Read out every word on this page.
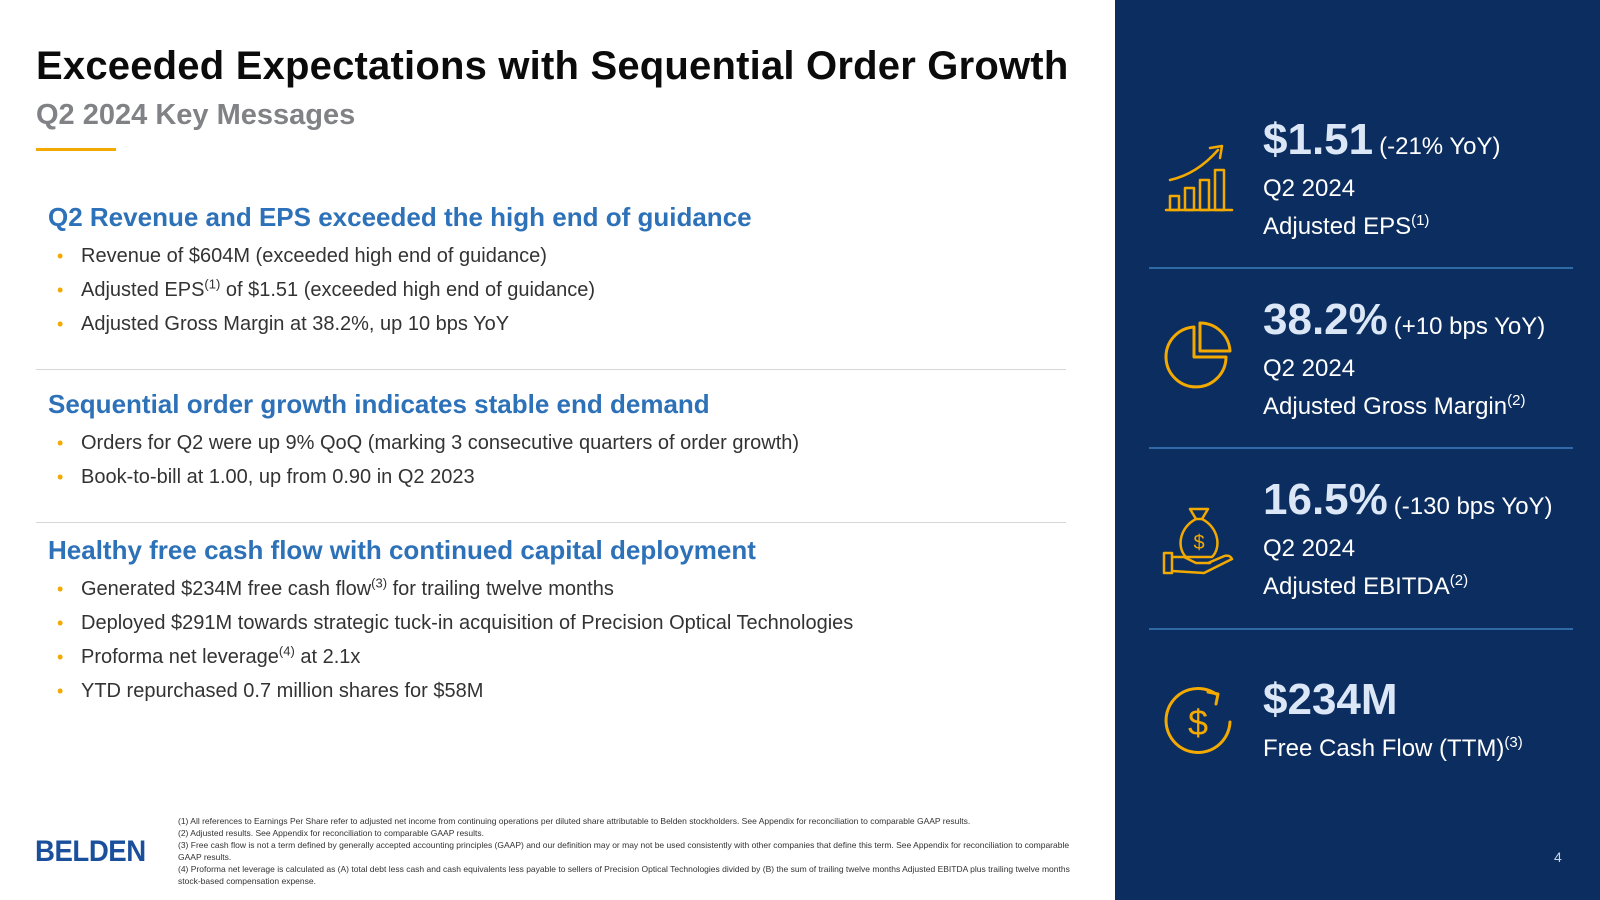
Exceeded Expectations with Sequential Order Growth
Q2 2024 Key Messages
Q2 Revenue and EPS exceeded the high end of guidance
• Revenue of $604M (exceeded high end of guidance)
• Adjusted EPS$^{(1)}$ of $1.51 (exceeded high end of guidance)
• Adjusted Gross Margin at 38.2%, up 10 bps YoY
Sequential order growth indicates stable end demand
• Orders for Q2 were up 9% QoQ (marking 3 consecutive quarters of order growth)
• Book-to-bill at 1.00, up from 0.90 in Q2 2023
Healthy free cash flow with continued capital deployment
• Generated $234M free cash flow$^{(3)}$ for trailing twelve months
• Deployed $291M towards strategic tuck-in acquisition of Precision Optical Technologies
• Proforma net leverage$^{(4)}$ at 2.1x
• YTD repurchased 0.7 million shares for $58M
BELDEN
(1) All references to Earnings Per Share refer to adjusted net income from continuing operations per diluted share attributable to Belden stockholders. See Appendix for reconciliation to comparable GAAP results.
(2) Adjusted results. See Appendix for reconciliation to comparable GAAP results.
(3) Free cash flow is not a term defined by generally accepted accounting principles (GAAP) and our definition may or may not be used consistently with other companies that define this term. See Appendix for reconciliation to comparable GAAP results.
(4) Proforma net leverage is calculated as (A) total debt less cash and cash equivalents less payable to sellers of Precision Optical Technologies divided by (B) the sum of trailing twelve months Adjusted EBITDA plus trailing twelve months stock-based compensation expense.
$1.51 (-21% YoY)
Q2 2024
Adjusted EPS$^{(1)}$
38.2% (+10 bps YoY)
Q2 2024
Adjusted Gross Margin$^{(2)}$
$
16.5% (-130 bps YoY)
Q2 2024
Adjusted EBITDA$^{(2)}$
$ $234M
Free Cash Flow (TTM)$^{(3)}$
4
